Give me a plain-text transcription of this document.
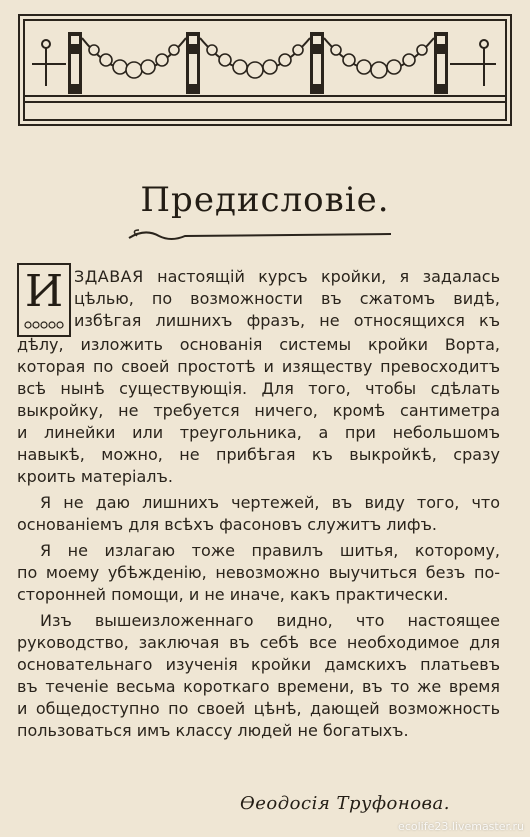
Предисловіе.
И ЗДАВАЯ настоящій курсъ кройки, я задалась
цѣлью, по возможности въ сжатомъ видѣ,
избѣгая лишнихъ фразъ, не относящихся къ
дѣлу, изложить основанія системы кройки Ворта,
которая по своей простотѣ и изяществу превосходитъ
всѣ нынѣ существующія. Для того, чтобы сдѣлать
выкройку, не требуется ничего, кромѣ сантиметра
и линейки или треугольника, а при небольшомъ
навыкѣ, можно, не прибѣгая къ выкройкѣ, сразу
кроить матеріалъ.
Я не даю лишнихъ чертежей, въ виду того, что
основаніемъ для всѣхъ фасоновъ служитъ лифъ.
Я не излагаю тоже правилъ шитья, которому,
по моему убѣжденію, невозможно выучиться безъ по-
сторонней помощи, и не иначе, какъ практически.
Изъ вышеизложеннаго видно, что настоящее
руководство, заключая въ себѣ все необходимое для
основательнаго изученія кройки дамскихъ платьевъ
въ теченіе весьма короткаго времени, въ то же время
и общедоступно по своей цѣнѣ, дающей возможность
пользоваться имъ классу людей не богатыхъ.
Ѳеодосія Труфонова.
ecolife23.livemaster.ru
